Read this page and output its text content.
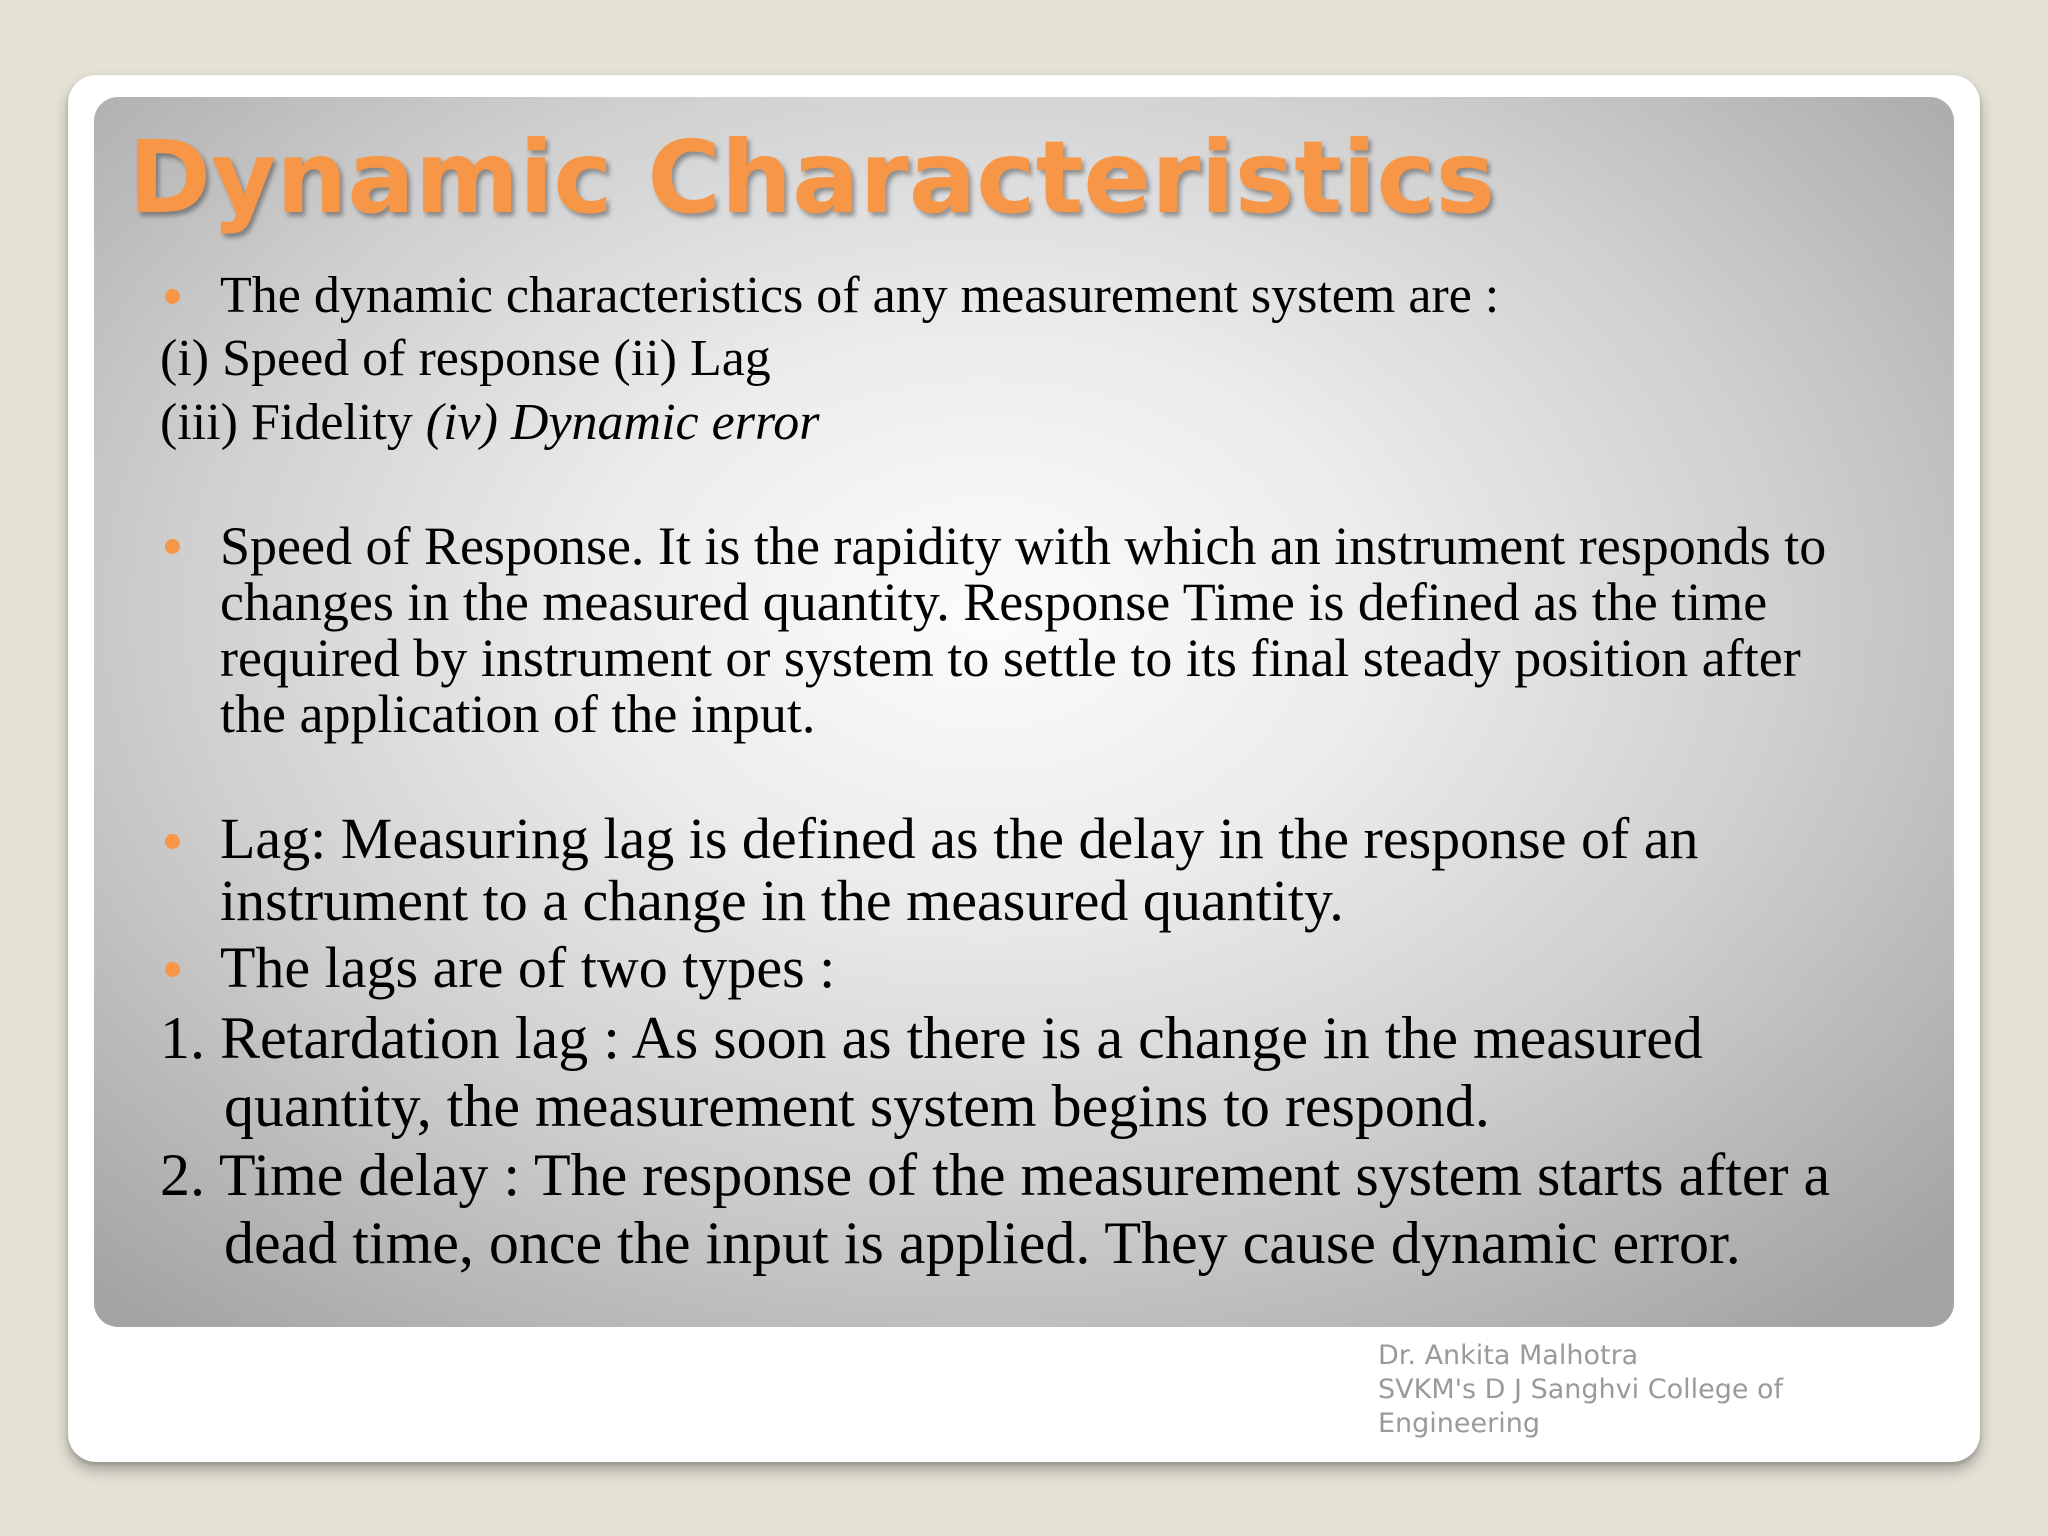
Dynamic Characteristics

The dynamic characteristics of any measurement system are :

(i) Speed of response (ii) Lag

(iii) Fidelity (iv) Dynamic error

Speed of Response. It is the rapidity with which an instrument responds to
changes in the measured quantity. Response Time is defined as the time
required by instrument or system to settle to its final steady position after
the application of the input.
Lag: Measuring lag is defined as the delay in the response of an
instrument to a change in the measured quantity.

The lags are of two types :

1. Retardation lag : As soon as there is a change in the measured
quantity, the measurement system begins to respond.
2. Time delay : The response of the measurement system starts after a
dead time, once the input is applied. They cause dynamic error.
Dr. Ankita Malhotra
SVKM's D J Sanghvi College of
Engineering
